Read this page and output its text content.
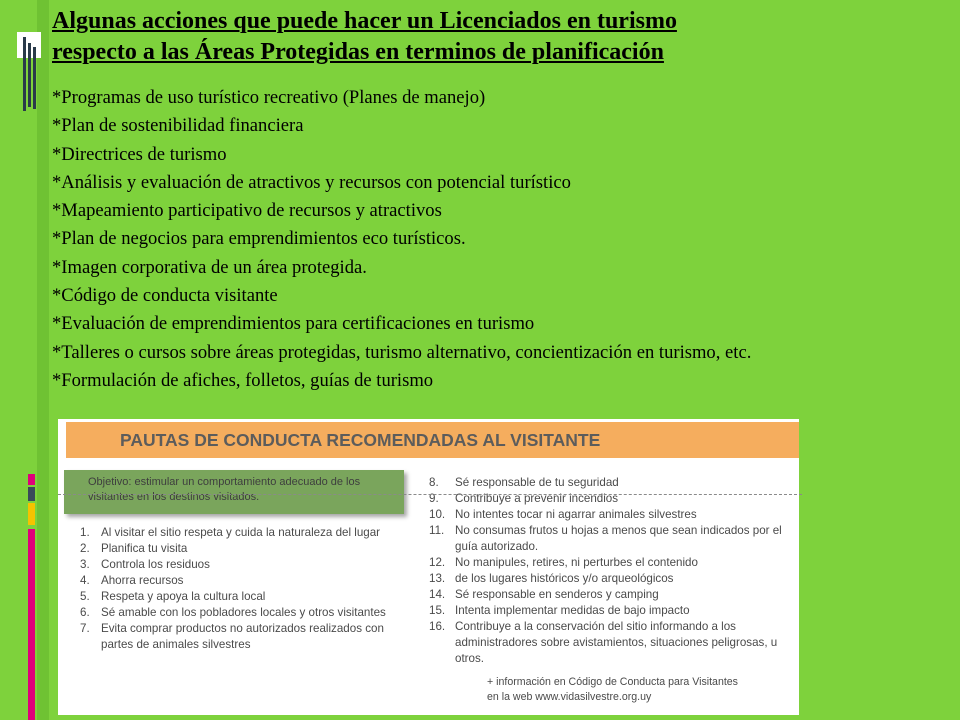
Algunas acciones que puede hacer un Licenciados en turismo
respecto a las Áreas Protegidas en terminos de planificación
*Programas de uso turístico recreativo (Planes de manejo)
*Plan de sostenibilidad financiera
*Directrices de turismo
*Análisis y evaluación de atractivos y recursos con potencial turístico
*Mapeamiento participativo de recursos y atractivos
*Plan de negocios para emprendimientos eco turísticos.
*Imagen corporativa de un área protegida.
*Código de conducta visitante
*Evaluación de emprendimientos para certificaciones en turismo
*Talleres o cursos sobre áreas protegidas, turismo alternativo, concientización en turismo, etc.
*Formulación de afiches, folletos, guías de turismo
PAUTAS DE CONDUCTA RECOMENDADAS AL VISITANTE
Objetivo: estimular un comportamiento adecuado de los visitantes en los destinos visitados.
1. Al visitar el sitio respeta y cuida la naturaleza del lugar
2. Planifica tu visita
3. Controla los residuos
4. Ahorra recursos
5. Respeta y apoya la cultura local
6. Sé amable con los pobladores locales y otros visitantes
7. Evita comprar productos no autorizados realizados con partes de animales silvestres
8. Sé responsable de tu seguridad
9. Contribuye a prevenir incendios
10. No intentes tocar ni agarrar animales silvestres
11. No consumas frutos u hojas a menos que sean indicados por el guía autorizado.
12. No manipules, retires, ni perturbes el contenido
13. de los lugares históricos y/o arqueológicos
14. Sé responsable en senderos y camping
15. Intenta implementar medidas de bajo impacto
16. Contribuye a la conservación del sitio informando a los administradores sobre avistamientos, situaciones peligrosas, u otros.
+ información en Código de Conducta para Visitantes
en la web www.vidasilvestre.org.uy
